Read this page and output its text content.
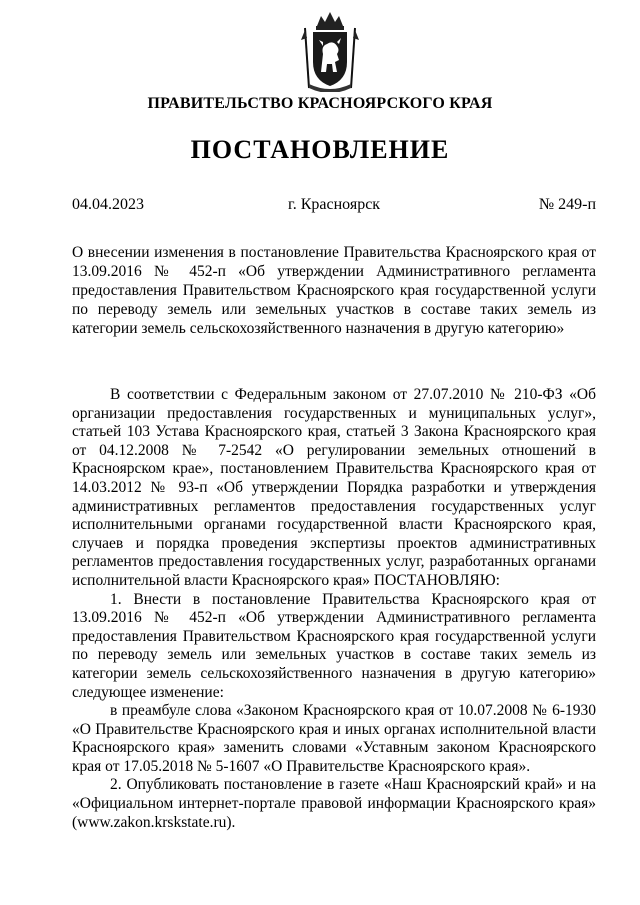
ПРАВИТЕЛЬСТВО КРАСНОЯРСКОГО КРАЯ
ПОСТАНОВЛЕНИЕ
04.04.2023	г. Красноярск	№ 249-п
О внесении изменения в постановление Правительства Красноярского края от 13.09.2016 № 452-п «Об утверждении Административного регламента предоставления Правительством Красноярского края государственной услуги по переводу земель или земельных участков в составе таких земель из категории земель сельскохозяйственного назначения в другую категорию»

В соответствии с Федеральным законом от 27.07.2010 № 210-ФЗ «Об организации предоставления государственных и муниципальных услуг», статьей 103 Устава Красноярского края, статьей 3 Закона Красноярского края от 04.12.2008 № 7-2542 «О регулировании земельных отношений в Красноярском крае», постановлением Правительства Красноярского края от 14.03.2012 № 93-п «Об утверждении Порядка разработки и утверждения административных регламентов предоставления государственных услуг исполнительными органами государственной власти Красноярского края, случаев и порядка проведения экспертизы проектов административных регламентов предоставления государственных услуг, разработанных органами исполнительной власти Красноярского края» ПОСТАНОВЛЯЮ:

1. Внести в постановление Правительства Красноярского края от 13.09.2016 № 452-п «Об утверждении Административного регламента предоставления Правительством Красноярского края государственной услуги по переводу земель или земельных участков в составе таких земель из категории земель сельскохозяйственного назначения в другую категорию» следующее изменение:

в преамбуле слова «Законом Красноярского края от 10.07.2008 № 6-1930 «О Правительстве Красноярского края и иных органах исполнительной власти Красноярского края» заменить словами «Уставным законом Красноярского края от 17.05.2018 № 5-1607 «О Правительстве Красноярского края».

2. Опубликовать постановление в газете «Наш Красноярский край» и на «Официальном интернет-портале правовой информации Красноярского края» (www.zakon.krskstate.ru).
